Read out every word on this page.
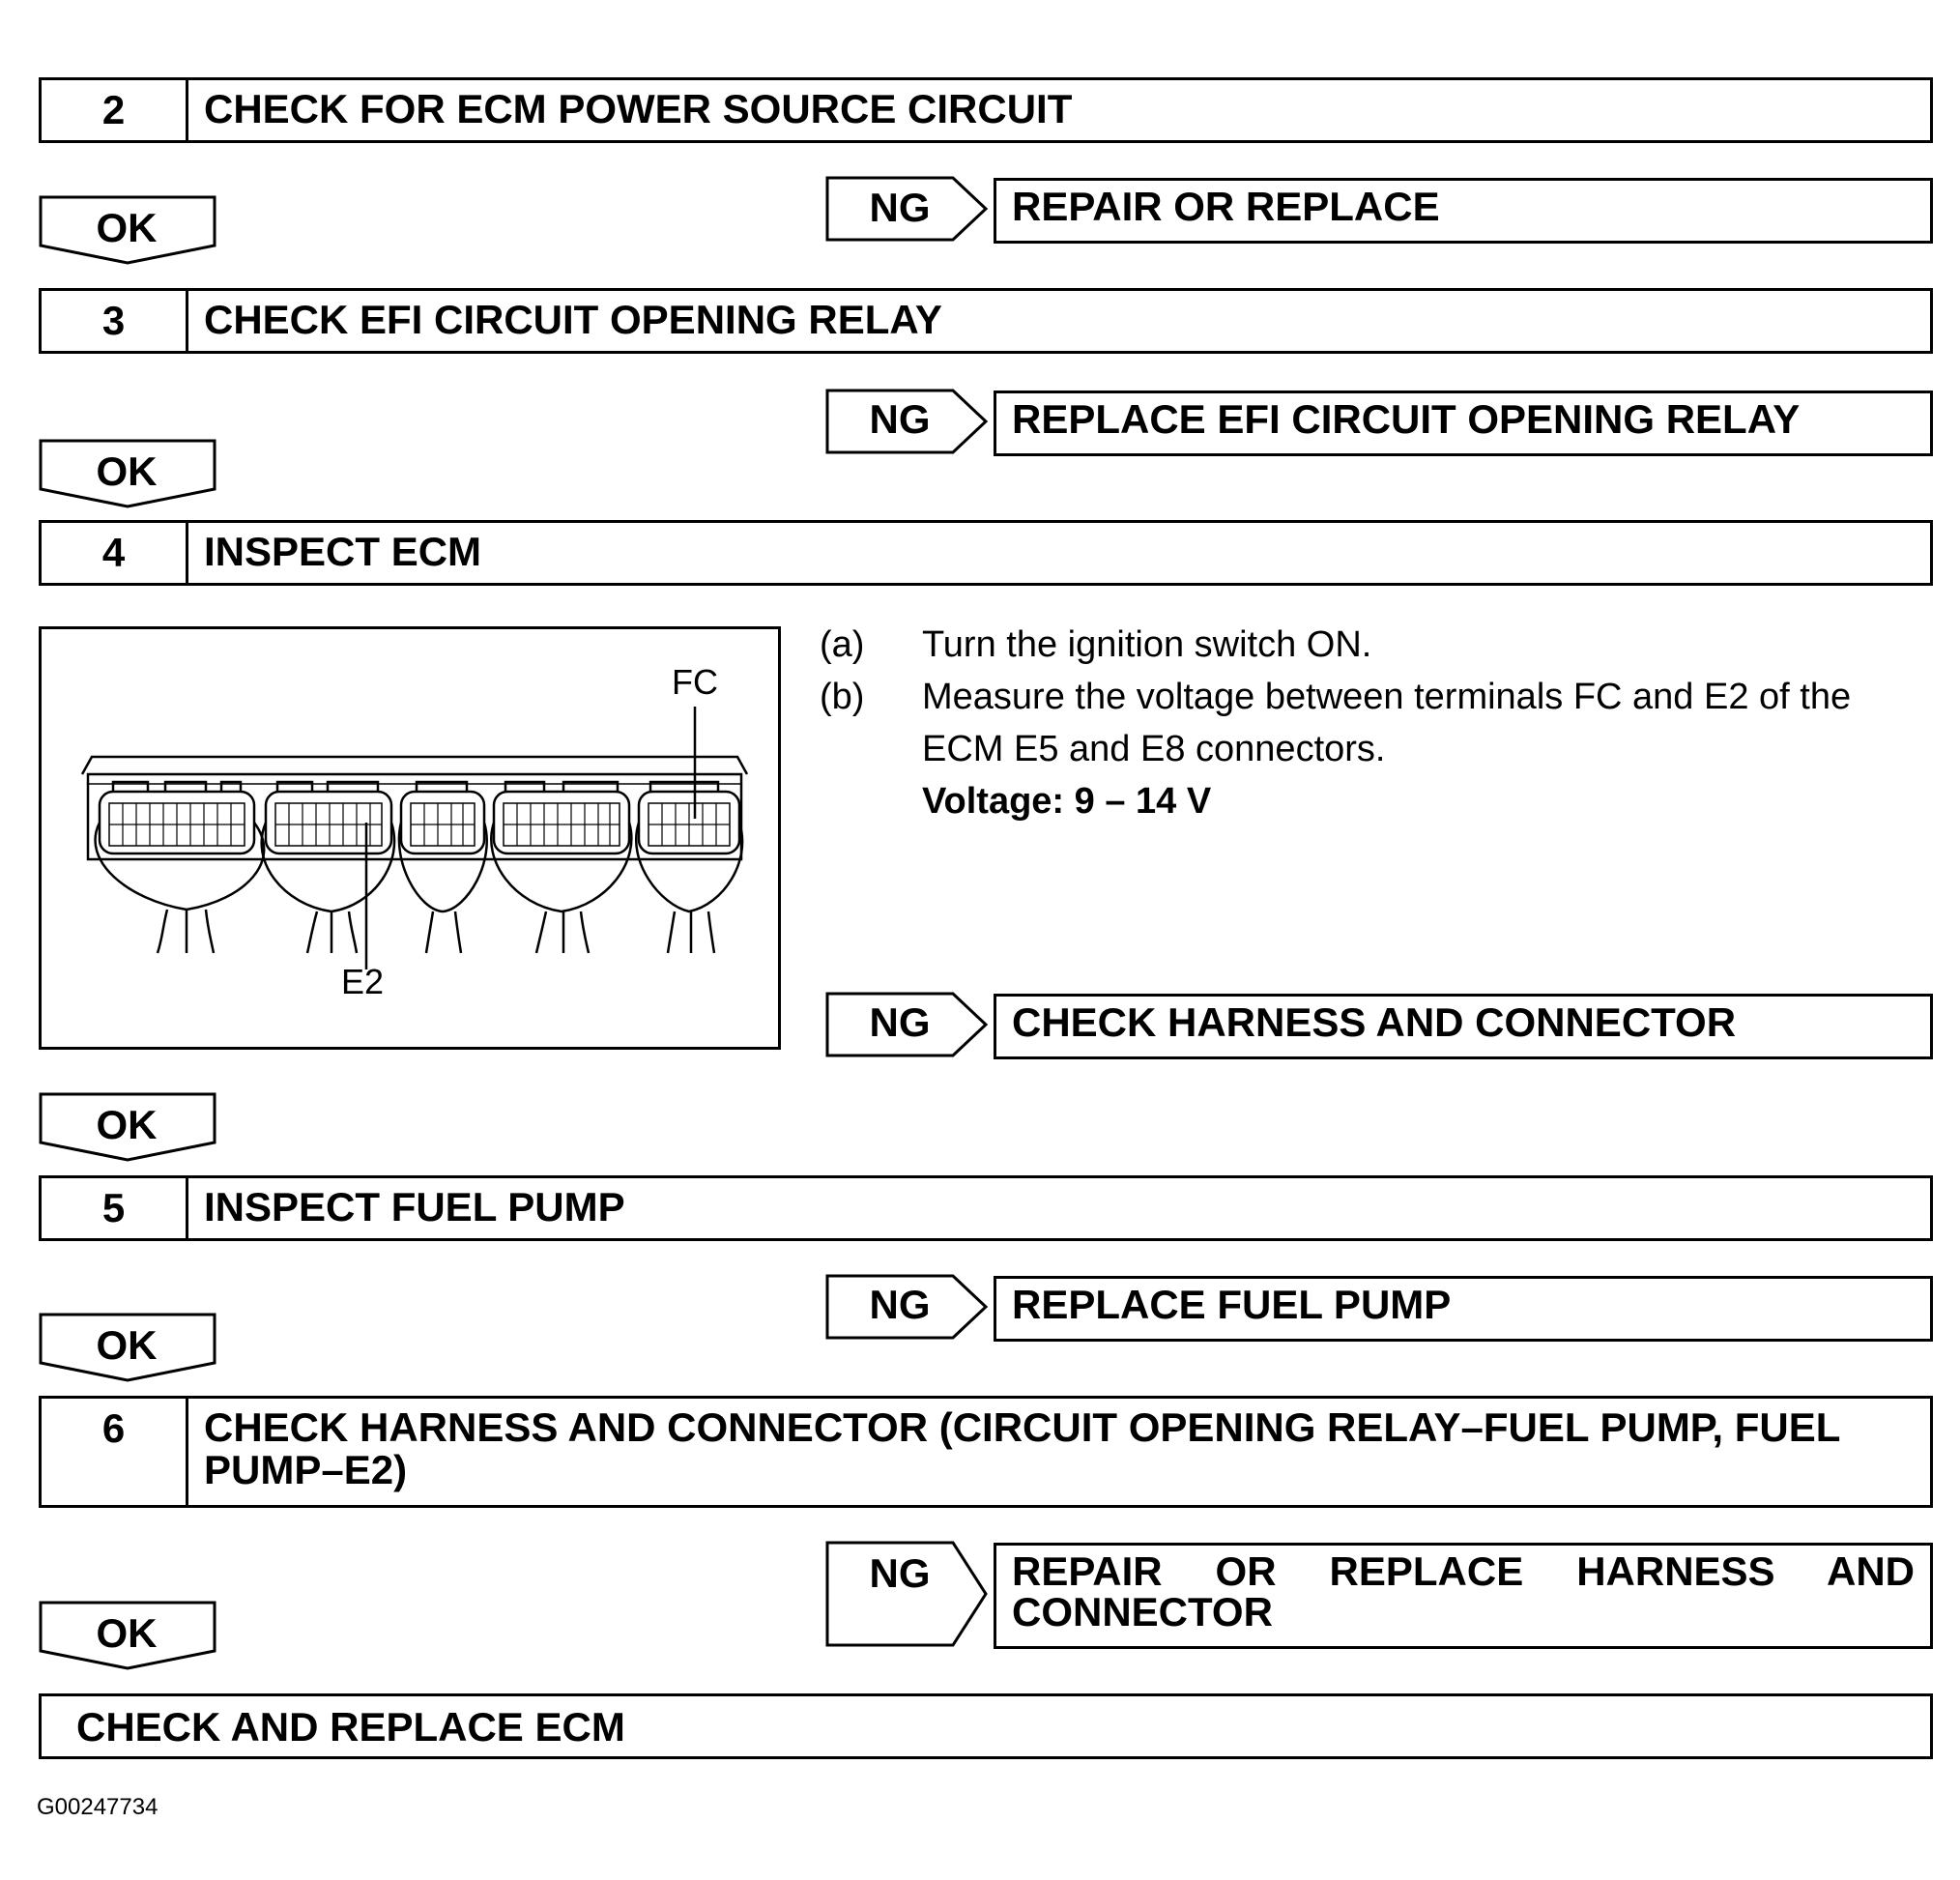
2	CHECK FOR ECM POWER SOURCE CIRCUIT
OK	NG	REPAIR OR REPLACE
3	CHECK EFI CIRCUIT OPENING RELAY
NG	REPLACE EFI CIRCUIT OPENING RELAY
OK
4	INSPECT ECM
FC
E2
(a) Turn the ignition switch ON.
(b) Measure the voltage between terminals FC and E2 of the
ECM E5 and E8 connectors.
Voltage: 9 – 14 V
NG	CHECK HARNESS AND CONNECTOR
OK
5	INSPECT FUEL PUMP
NG	REPLACE FUEL PUMP
OK
6	CHECK HARNESS AND CONNECTOR (CIRCUIT OPENING RELAY–FUEL PUMP, FUEL PUMP–E2)
NG	REPAIR OR REPLACE HARNESS AND CONNECTOR
OK
CHECK AND REPLACE ECM
G00247734
